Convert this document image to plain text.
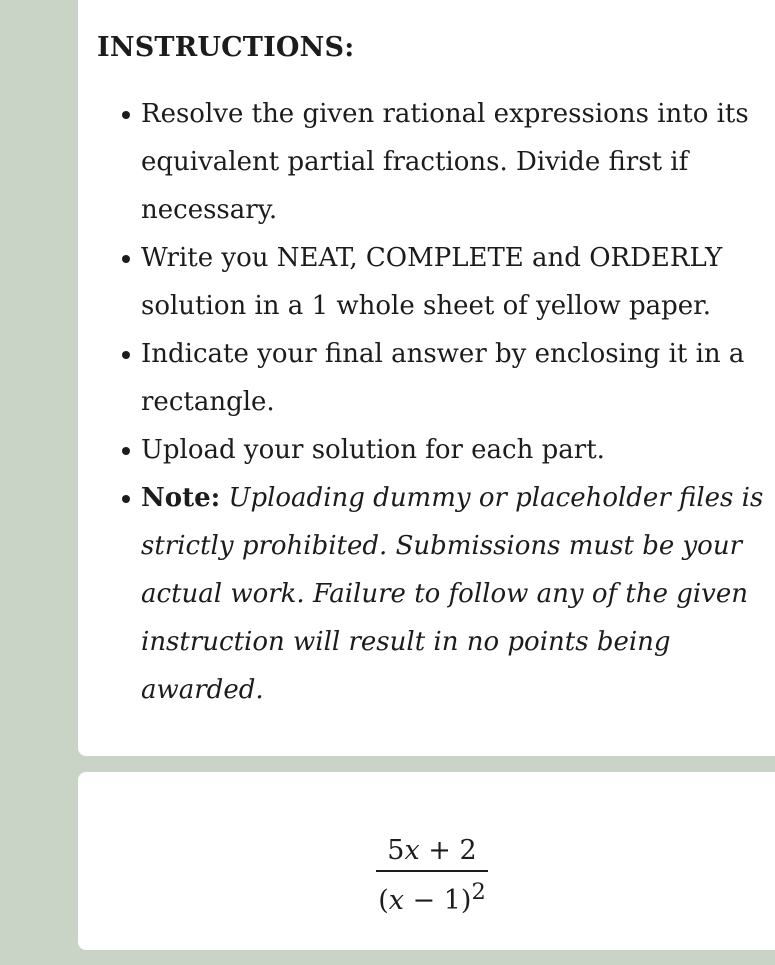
INSTRUCTIONS:
Resolve the given rational expressions into its equivalent partial fractions. Divide first if necessary.
Write you NEAT, COMPLETE and ORDERLY solution in a 1 whole sheet of yellow paper.
Indicate your final answer by enclosing it in a rectangle.
Upload your solution for each part.
Note: Uploading dummy or placeholder files is strictly prohibited. Submissions must be your actual work. Failure to follow any of the given instruction will result in no points being awarded.
5x + 2
$(x - 1)^2$
